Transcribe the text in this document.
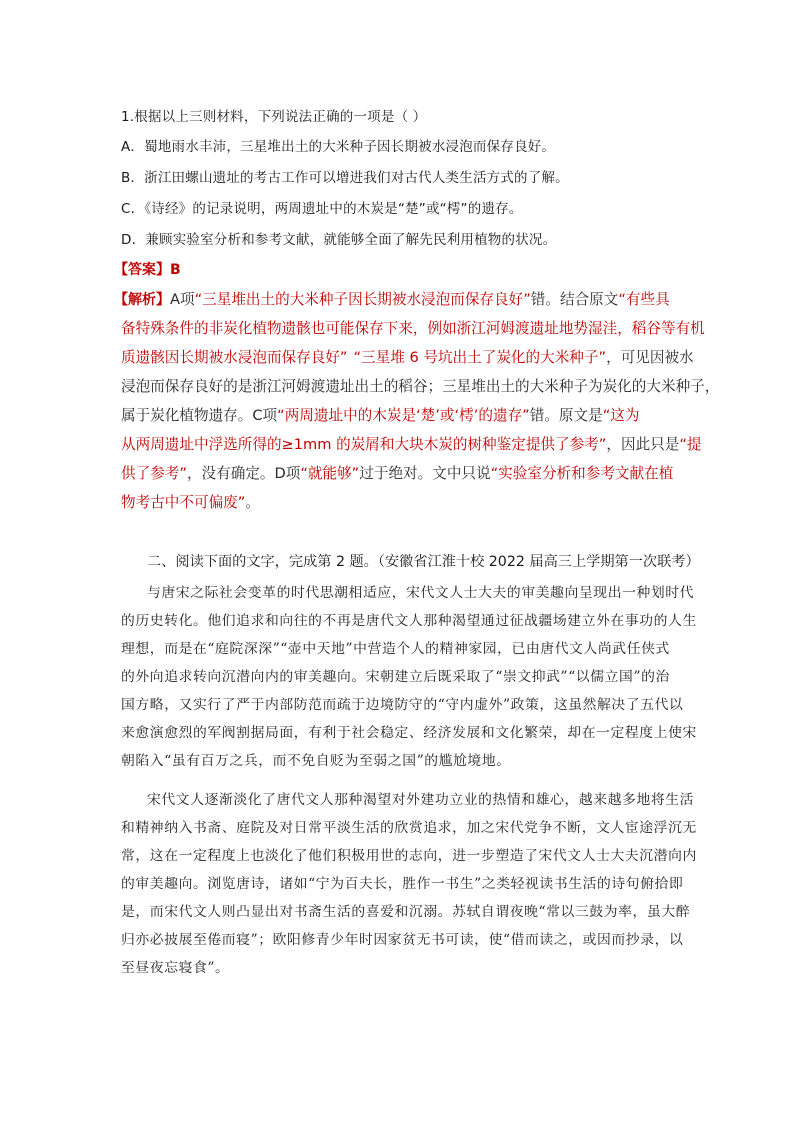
1.根据以上三则材料，下列说法正确的一项是（ ）
A．蜀地雨水丰沛，三星堆出土的大米种子因长期被水浸泡而保存良好。
B．浙江田螺山遗址的考古工作可以增进我们对古代人类生活方式的了解。
C．《诗经》的记录说明，两周遗址中的木炭是“楚”或“樗”的遗存。
D．兼顾实验室分析和参考文献，就能够全面了解先民利用植物的状况。
【答案】B
【解析】A项“三星堆出土的大米种子因长期被水浸泡而保存良好”错。结合原文“有些具
备特殊条件的非炭化植物遗骸也可能保存下来，例如浙江河姆渡遗址地势湿洼，稻谷等有机
质遗骸因长期被水浸泡而保存良好” “三星堆 6 号坑出土了炭化的大米种子”，可见因被水
浸泡而保存良好的是浙江河姆渡遗址出土的稻谷；三星堆出土的大米种子为炭化的大米种子，
属于炭化植物遗存。C项“两周遗址中的木炭是‘楚’或‘樗’的遗存”错。原文是“这为
从两周遗址中浮选所得的≥1mm 的炭屑和大块木炭的树种鉴定提供了参考”，因此只是“提
供了参考”，没有确定。D项“就能够”过于绝对。文中只说“实验室分析和参考文献在植
物考古中不可偏废”。
二、阅读下面的文字，完成第 2 题。（安徽省江淮十校 2022 届高三上学期第一次联考）
与唐宋之际社会变革的时代思潮相适应，宋代文人士大夫的审美趣向呈现出一种划时代
的历史转化。他们追求和向往的不再是唐代文人那种渴望通过征战疆场建立外在事功的人生
理想，而是在“庭院深深”“壶中天地”中营造个人的精神家园，已由唐代文人尚武任侠式
的外向追求转向沉潜向内的审美趣向。宋朝建立后既采取了“崇文抑武”“以儒立国”的治
国方略，又实行了严于内部防范而疏于边境防守的“守内虚外”政策，这虽然解决了五代以
来愈演愈烈的军阀割据局面，有利于社会稳定、经济发展和文化繁荣，却在一定程度上使宋
朝陷入“虽有百万之兵，而不免自贬为至弱之国”的尴尬境地。
宋代文人逐渐淡化了唐代文人那种渴望对外建功立业的热情和雄心，越来越多地将生活
和精神纳入书斋、庭院及对日常平淡生活的欣赏追求，加之宋代党争不断，文人宦途浮沉无
常，这在一定程度上也淡化了他们积极用世的志向，进一步塑造了宋代文人士大夫沉潜向内
的审美趣向。浏览唐诗，诸如“宁为百夫长，胜作一书生”之类轻视读书生活的诗句俯拾即
是，而宋代文人则凸显出对书斋生活的喜爱和沉溺。苏轼自谓夜晚“常以三鼓为率，虽大醉
归亦必披展至倦而寝”；欧阳修青少年时因家贫无书可读，使“借而读之，或因而抄录，以
至昼夜忘寝食”。
